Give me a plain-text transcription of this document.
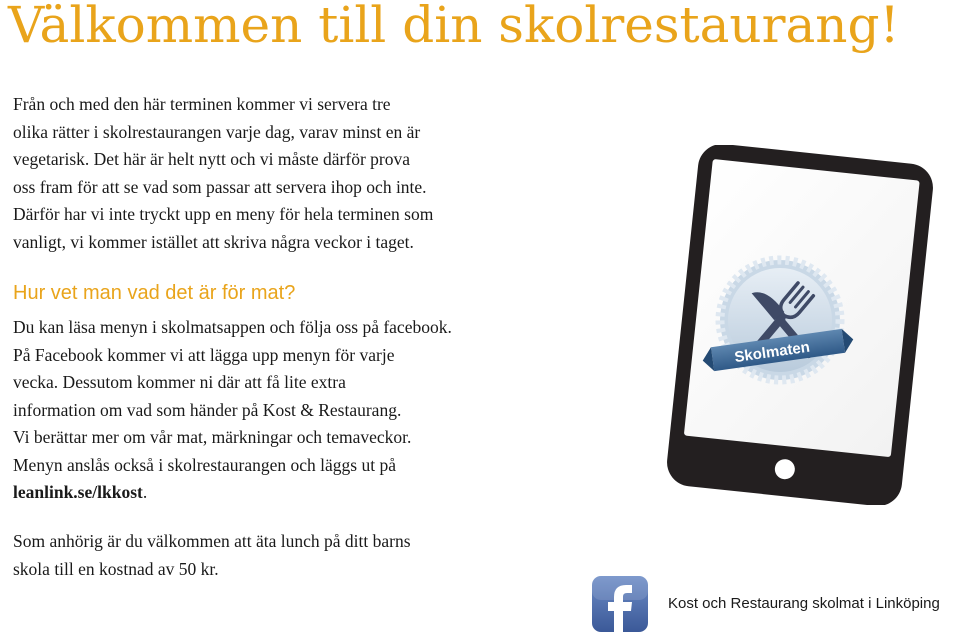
Välkommen till din skolrestaurang!

Från och med den här terminen kommer vi servera tre

olika rätter i skolrestaurangen varje dag, varav minst en är

vegetarisk. Det här är helt nytt och vi måste därför prova

oss fram för att se vad som passar att servera ihop och inte.

Därför har vi inte tryckt upp en meny för hela terminen som

vanligt, vi kommer istället att skriva några veckor i taget.

Hur vet man vad det är för mat?

Du kan läsa menyn i skolmatsappen och följa oss på facebook.

På Facebook kommer vi att lägga upp menyn för varje

vecka. Dessutom kommer ni där att få lite extra

information om vad som händer på Kost & Restaurang.

Vi berättar mer om vår mat, märkningar och temaveckor.

Menyn anslås också i skolrestaurangen och läggs ut på

leanlink.se/lkkost.

Som anhörig är du välkommen att äta lunch på ditt barns

skola till en kostnad av 50 kr.

Skolmaten
Kost och Restaurang skolmat i Linköping
